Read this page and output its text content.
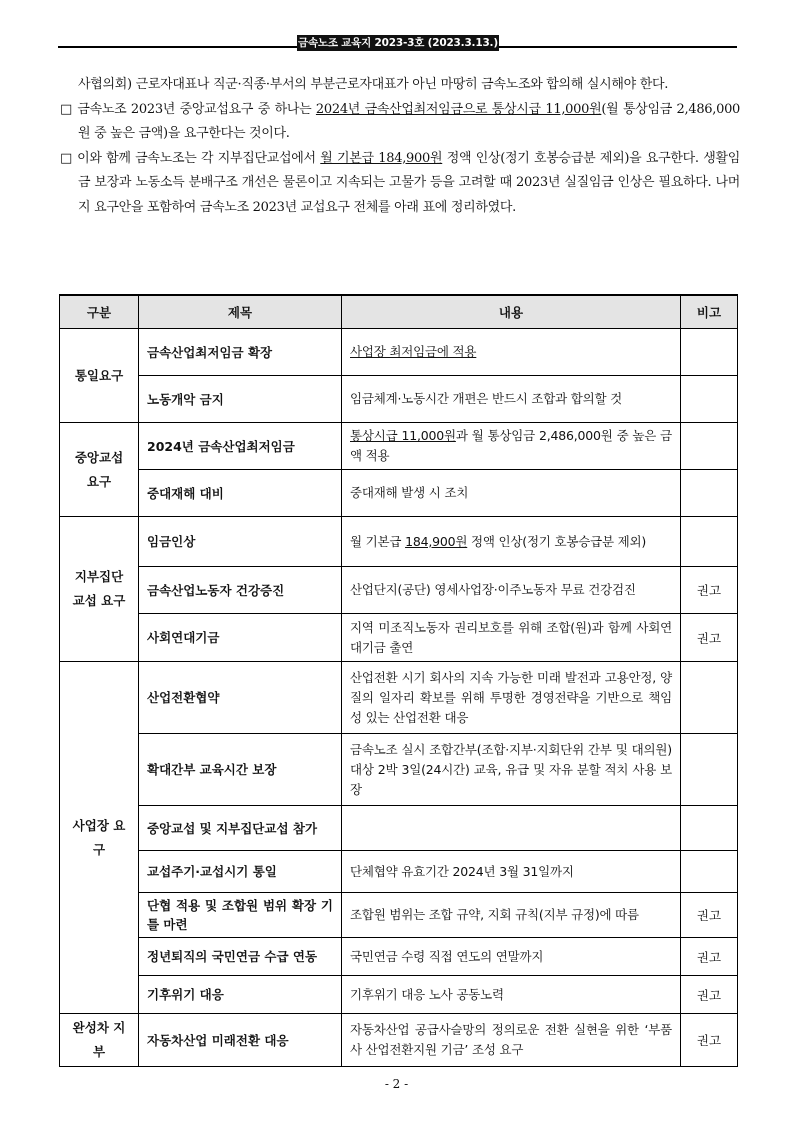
금속노조 교육지 2023-3호 (2023.3.13.)
사협의회) 근로자대표나 직군·직종·부서의 부분근로자대표가 아닌 마땅히 금속노조와 합의해 실시해야 한다.
□ 금속노조 2023년 중앙교섭요구 중 하나는 2024년 금속산업최저임금으로 통상시급 11,000원(월 통상임금 2,486,000원 중 높은 금액)을 요구한다는 것이다.
□ 이와 함께 금속노조는 각 지부집단교섭에서 월 기본급 184,900원 정액 인상(정기 호봉승급분 제외)을 요구한다. 생활임금 보장과 노동소득 분배구조 개선은 물론이고 지속되는 고물가 등을 고려할 때 2023년 실질임금 인상은 필요하다. 나머지 요구안을 포함하여 금속노조 2023년 교섭요구 전체를 아래 표에 정리하였다.
구분	제목	내용	비고
통일요구	금속산업최저임금 확장	사업장 최저임금에 적용	
	노동개악 금지	임금체계·노동시간 개편은 반드시 조합과 합의할 것	
중앙교섭 요구	2024년 금속산업최저임금	통상시급 11,000원과 월 통상임금 2,486,000원 중 높은 금액 적용	
	중대재해 대비	중대재해 발생 시 조치	
지부집단 교섭 요구	임금인상	월 기본급 184,900원 정액 인상(정기 호봉승급분 제외)	
	금속산업노동자 건강증진	산업단지(공단) 영세사업장·이주노동자 무료 건강검진	권고
	사회연대기금	지역 미조직노동자 권리보호를 위해 조합(원)과 함께 사회연대기금 출연	권고
사업장 요구	산업전환협약	산업전환 시기 회사의 지속 가능한 미래 발전과 고용안정, 양질의 일자리 확보를 위해 투명한 경영전략을 기반으로 책임성 있는 산업전환 대응	
	확대간부 교육시간 보장	금속노조 실시 조합간부(조합·지부·지회단위 간부 및 대의원) 대상 2박 3일(24시간) 교육, 유급 및 자유 분할 적치 사용 보장	
	중앙교섭 및 지부집단교섭 참가		
	교섭주기·교섭시기 통일	단체협약 유효기간 2024년 3월 31일까지	
	단협 적용 및 조합원 범위 확장 기틀 마련	조합원 범위는 조합 규약, 지회 규칙(지부 규정)에 따름	권고
	정년퇴직의 국민연금 수급 연동	국민연금 수령 직접 연도의 연말까지	권고
	기후위기 대응	기후위기 대응 노사 공동노력	권고
완성차 지부	자동차산업 미래전환 대응	자동차산업 공급사슬망의 정의로운 전환 실현을 위한 ‘부품사 산업전환지원 기금’ 조성 요구	권고
- 2 -
